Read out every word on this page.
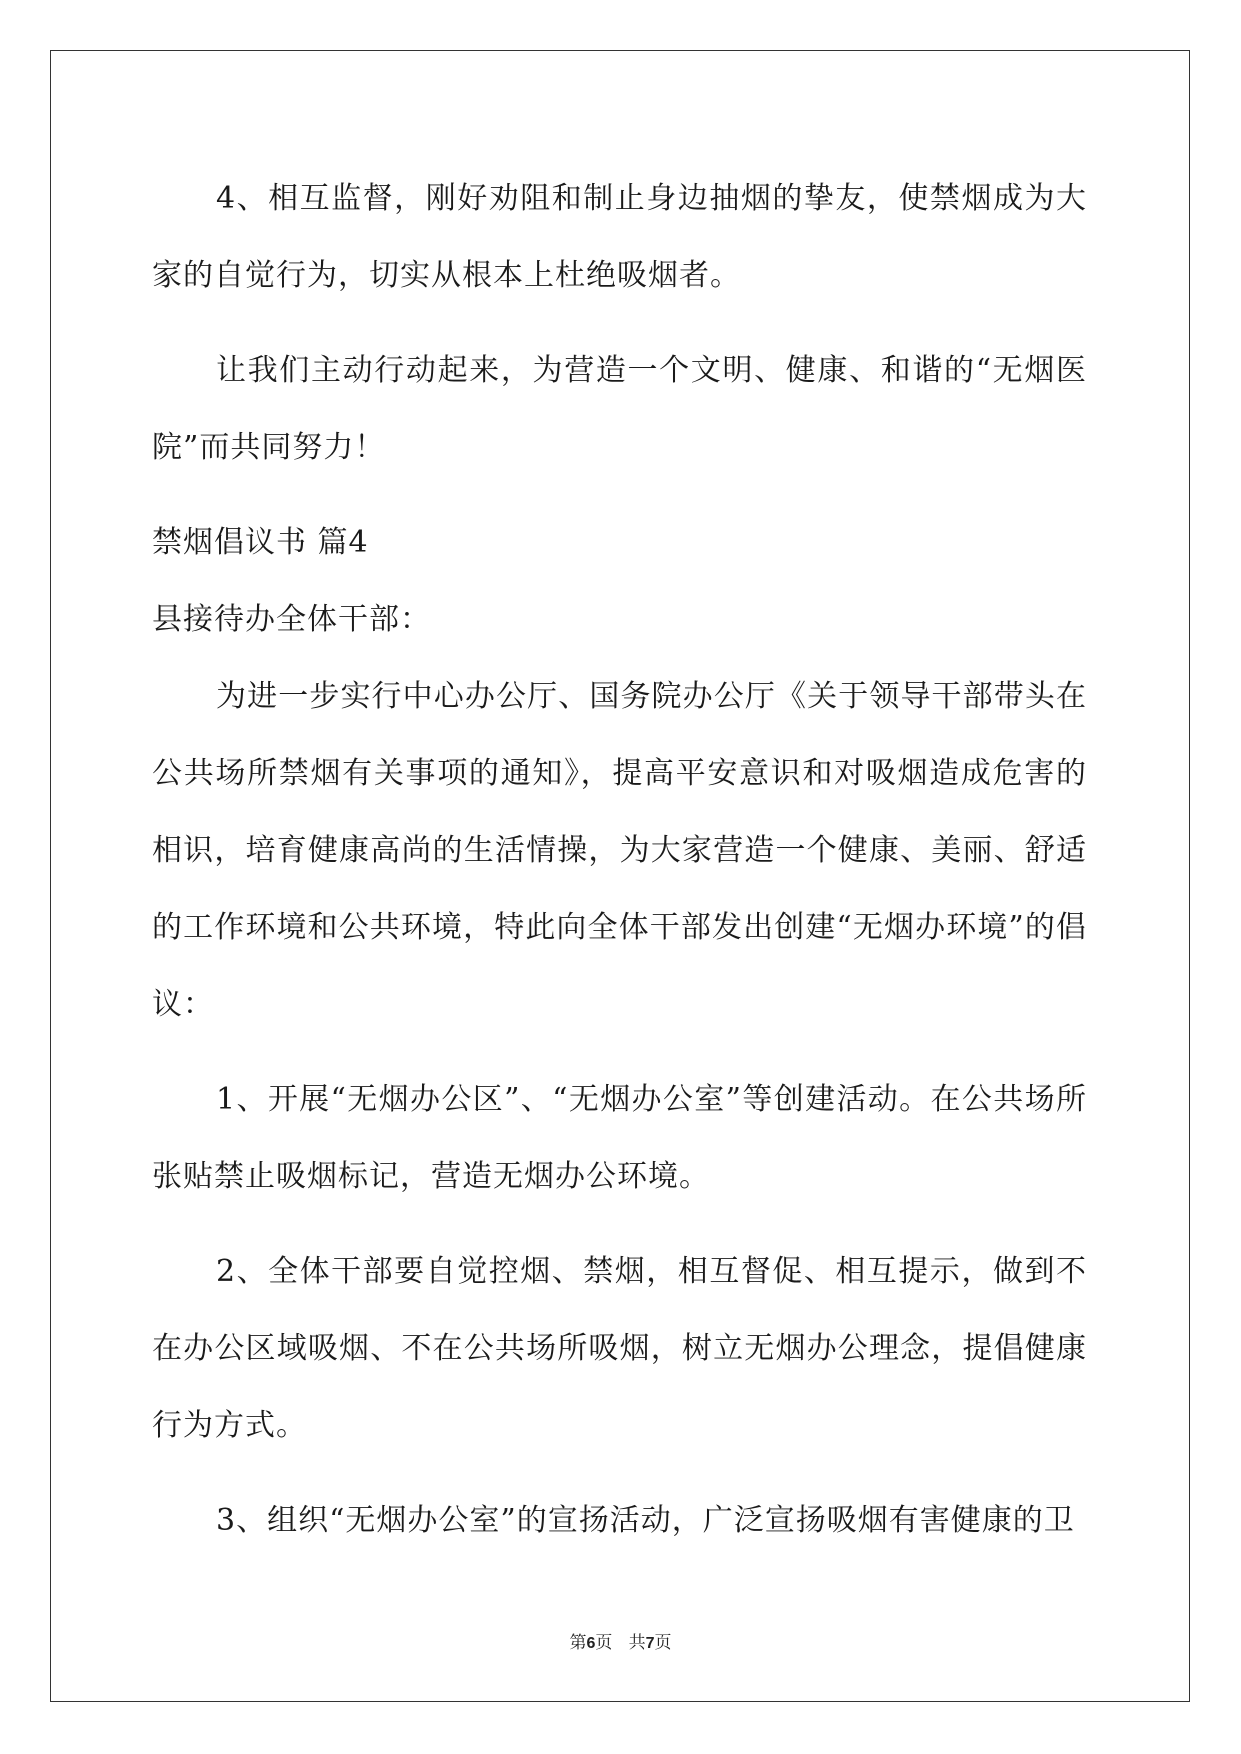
4、相互监督，刚好劝阻和制止身边抽烟的挚友，使禁烟成为大家的自觉行为，切实从根本上杜绝吸烟者。

让我们主动行动起来，为营造一个文明、健康、和谐的“无烟医院”而共同努力！

禁烟倡议书 篇4

县接待办全体干部：

为进一步实行中心办公厅、国务院办公厅《关于领导干部带头在公共场所禁烟有关事项的通知》，提高平安意识和对吸烟造成危害的相识，培育健康高尚的生活情操，为大家营造一个健康、美丽、舒适的工作环境和公共环境，特此向全体干部发出创建“无烟办环境”的倡议：

1、开展“无烟办公区”、“无烟办公室”等创建活动。在公共场所张贴禁止吸烟标记，营造无烟办公环境。

2、全体干部要自觉控烟、禁烟，相互督促、相互提示，做到不在办公区域吸烟、不在公共场所吸烟，树立无烟办公理念，提倡健康行为方式。

3、组织“无烟办公室”的宣扬活动，广泛宣扬吸烟有害健康的卫

第6页   共7页
